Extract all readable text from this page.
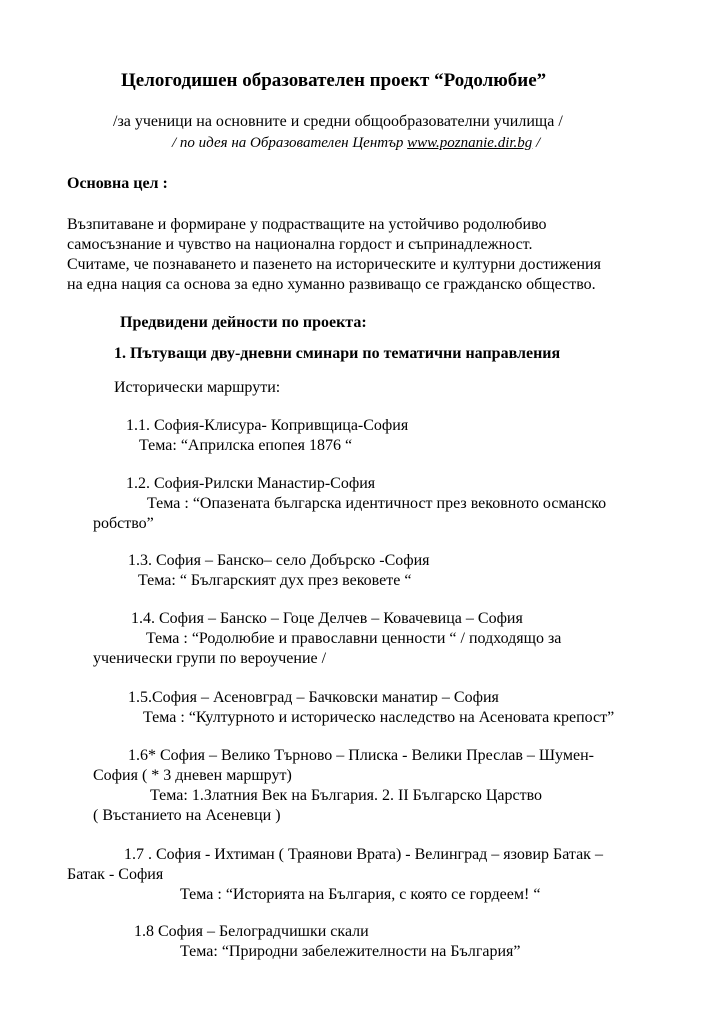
Целогодишен образователен проект “Родолюбие”
/за ученици на основните и средни общообразователни училища /
/ по идея на Образователен Център www.poznanie.dir.bg /
Основна цел :
Възпитаване и формиране у подрастващите на устойчиво родолюбиво
самосъзнание и чувство на национална гордост и съпринадлежност.
Считаме, че познаването и пазенето на историческите и културни достижения
на една нация са основа за едно хуманно развиващо се гражданско общество.
Предвидени дейности по проекта:
1. Пътуващи дву-дневни сминари по тематични направления
Исторически маршрути:
1.1. София-Клисура- Копривщица-София
Тема: “Априлска епопея 1876 “
1.2. София-Рилски Манастир-София
Тема : “Опазената българска идентичност през вековното османско
робство”
1.3. София – Банско– село Добърско -София
Тема: “ Българският дух през вековете “
1.4. София – Банско – Гоце Делчев – Ковачевица – София
Тема : “Родолюбие и православни ценности “ / подходящо за
ученически групи по вероучение /
1.5.София – Асеновград – Бачковски манатир – София
Тема : “Културното и историческо наследство на Асеновата крепост”
1.6* София – Велико Търново – Плиска - Велики Преслав – Шумен-
София ( * 3 дневен маршрут)
Тема: 1.Златния Век на България. 2. II Българско Царство
( Въстанието на Асеневци )
1.7 . София - Ихтиман ( Траянови Врата) - Велинград – язовир Батак –
Батак - София
Тема : “Историята на България, с която се гордеем! “
1.8 София – Белоградчишки скали
Тема: “Природни забележителности на България”
